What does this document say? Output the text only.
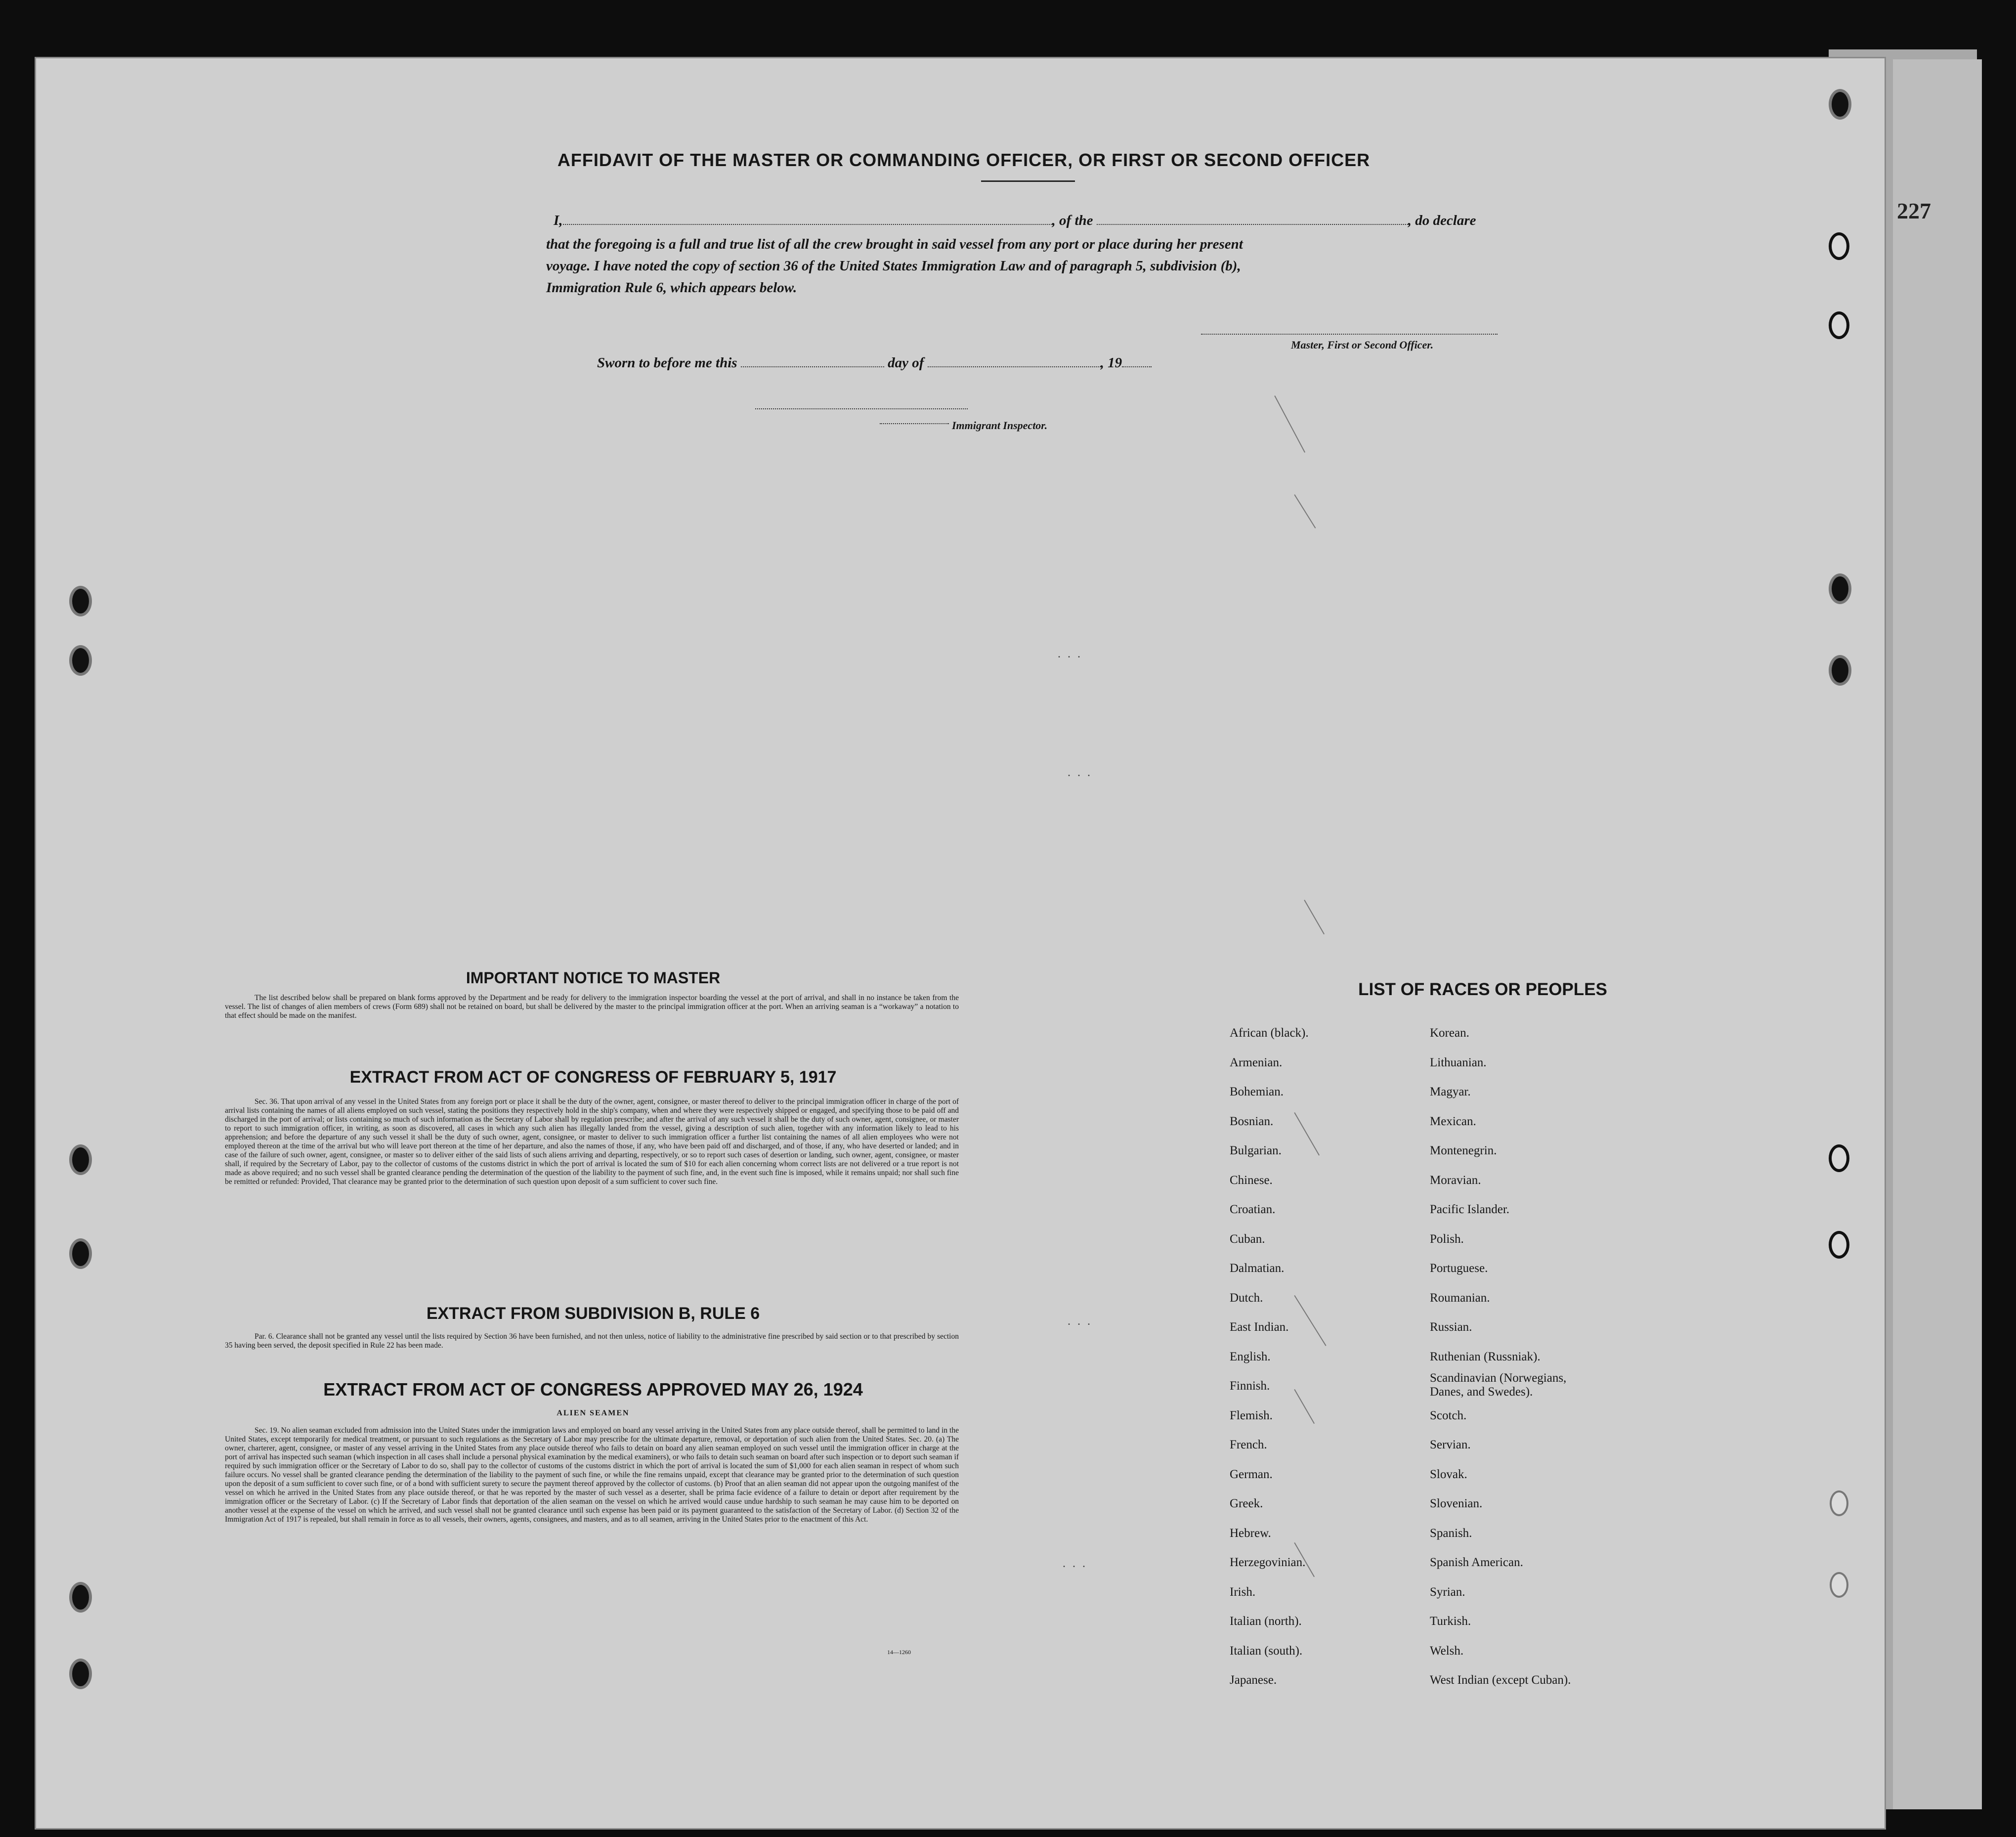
227
AFFIDAVIT OF THE MASTER OR COMMANDING OFFICER, OR FIRST OR SECOND OFFICER
I,	, of the	, do declare
that the foregoing is a full and true list of all the crew brought in said vessel from any port or place during her present
voyage. I have noted the copy of section 36 of the United States Immigration Law and of paragraph 5, subdivision (b),
Immigration Rule 6, which appears below.
Master, First or Second Officer.
Sworn to before me this	day of	, 19
Immigrant Inspector.
...
...
...
...
IMPORTANT NOTICE TO MASTER
The list described below shall be prepared on blank forms approved by the Department and be ready for delivery to the immigration inspector boarding the vessel at the port of arrival, and shall in no instance be taken from the vessel. The list of changes of alien members of crews (Form 689) shall not be retained on board, but shall be delivered by the master to the principal immigration officer at the port. When an arriving seaman is a “workaway” a notation to that effect should be made on the manifest.
EXTRACT FROM ACT OF CONGRESS OF FEBRUARY 5, 1917
Sec. 36. That upon arrival of any vessel in the United States from any foreign port or place it shall be the duty of the owner, agent, consignee, or master thereof to deliver to the principal immigration officer in charge of the port of arrival lists containing the names of all aliens employed on such vessel, stating the positions they respectively hold in the ship's company, when and where they were respectively shipped or engaged, and specifying those to be paid off and discharged in the port of arrival; or lists containing so much of such information as the Secretary of Labor shall by regulation prescribe; and after the arrival of any such vessel it shall be the duty of such owner, agent, consignee, or master to report to such immigration officer, in writing, as soon as discovered, all cases in which any such alien has illegally landed from the vessel, giving a description of such alien, together with any information likely to lead to his apprehension; and before the departure of any such vessel it shall be the duty of such owner, agent, consignee, or master to deliver to such immigration officer a further list containing the names of all alien employees who were not employed thereon at the time of the arrival but who will leave port thereon at the time of her departure, and also the names of those, if any, who have been paid off and discharged, and of those, if any, who have deserted or landed; and in case of the failure of such owner, agent, consignee, or master so to deliver either of the said lists of such aliens arriving and departing, respectively, or so to report such cases of desertion or landing, such owner, agent, consignee, or master shall, if required by the Secretary of Labor, pay to the collector of customs of the customs district in which the port of arrival is located the sum of $10 for each alien concerning whom correct lists are not delivered or a true report is not made as above required; and no such vessel shall be granted clearance pending the determination of the question of the liability to the payment of such fine, and, in the event such fine is imposed, while it remains unpaid; nor shall such fine be remitted or refunded: Provided, That clearance may be granted prior to the determination of such question upon deposit of a sum sufficient to cover such fine.
EXTRACT FROM SUBDIVISION B, RULE 6
Par. 6. Clearance shall not be granted any vessel until the lists required by Section 36 have been furnished, and not then unless, notice of liability to the administrative fine prescribed by said section or to that prescribed by section 35 having been served, the deposit specified in Rule 22 has been made.
EXTRACT FROM ACT OF CONGRESS APPROVED MAY 26, 1924
ALIEN SEAMEN
Sec. 19. No alien seaman excluded from admission into the United States under the immigration laws and employed on board any vessel arriving in the United States from any place outside thereof, shall be permitted to land in the United States, except temporarily for medical treatment, or pursuant to such regulations as the Secretary of Labor may prescribe for the ultimate departure, removal, or deportation of such alien from the United States. Sec. 20. (a) The owner, charterer, agent, consignee, or master of any vessel arriving in the United States from any place outside thereof who fails to detain on board any alien seaman employed on such vessel until the immigration officer in charge at the port of arrival has inspected such seaman (which inspection in all cases shall include a personal physical examination by the medical examiners), or who fails to detain such seaman on board after such inspection or to deport such seaman if required by such immigration officer or the Secretary of Labor to do so, shall pay to the collector of customs of the customs district in which the port of arrival is located the sum of $1,000 for each alien seaman in respect of whom such failure occurs. No vessel shall be granted clearance pending the determination of the liability to the payment of such fine, or while the fine remains unpaid, except that clearance may be granted prior to the determination of such question upon the deposit of a sum sufficient to cover such fine, or of a bond with sufficient surety to secure the payment thereof approved by the collector of customs. (b) Proof that an alien seaman did not appear upon the outgoing manifest of the vessel on which he arrived in the United States from any place outside thereof, or that he was reported by the master of such vessel as a deserter, shall be prima facie evidence of a failure to detain or deport after requirement by the immigration officer or the Secretary of Labor. (c) If the Secretary of Labor finds that deportation of the alien seaman on the vessel on which he arrived would cause undue hardship to such seaman he may cause him to be deported on another vessel at the expense of the vessel on which he arrived, and such vessel shall not be granted clearance until such expense has been paid or its payment guaranteed to the satisfaction of the Secretary of Labor. (d) Section 32 of the Immigration Act of 1917 is repealed, but shall remain in force as to all vessels, their owners, agents, consignees, and masters, and as to all seamen, arriving in the United States prior to the enactment of this Act.
14—1260
LIST OF RACES OR PEOPLES
African (black).
Armenian.
Bohemian.
Bosnian.
Bulgarian.
Chinese.
Croatian.
Cuban.
Dalmatian.
Dutch.
East Indian.
English.
Finnish.
Flemish.
French.
German.
Greek.
Hebrew.
Herzegovinian.
Irish.
Italian (north).
Italian (south).
Japanese.
Korean.
Lithuanian.
Magyar.
Mexican.
Montenegrin.
Moravian.
Pacific Islander.
Polish.
Portuguese.
Roumanian.
Russian.
Ruthenian (Russniak).
Scandinavian (Norwegians, Danes, and Swedes).
Scotch.
Servian.
Slovak.
Slovenian.
Spanish.
Spanish American.
Syrian.
Turkish.
Welsh.
West Indian (except Cuban).
